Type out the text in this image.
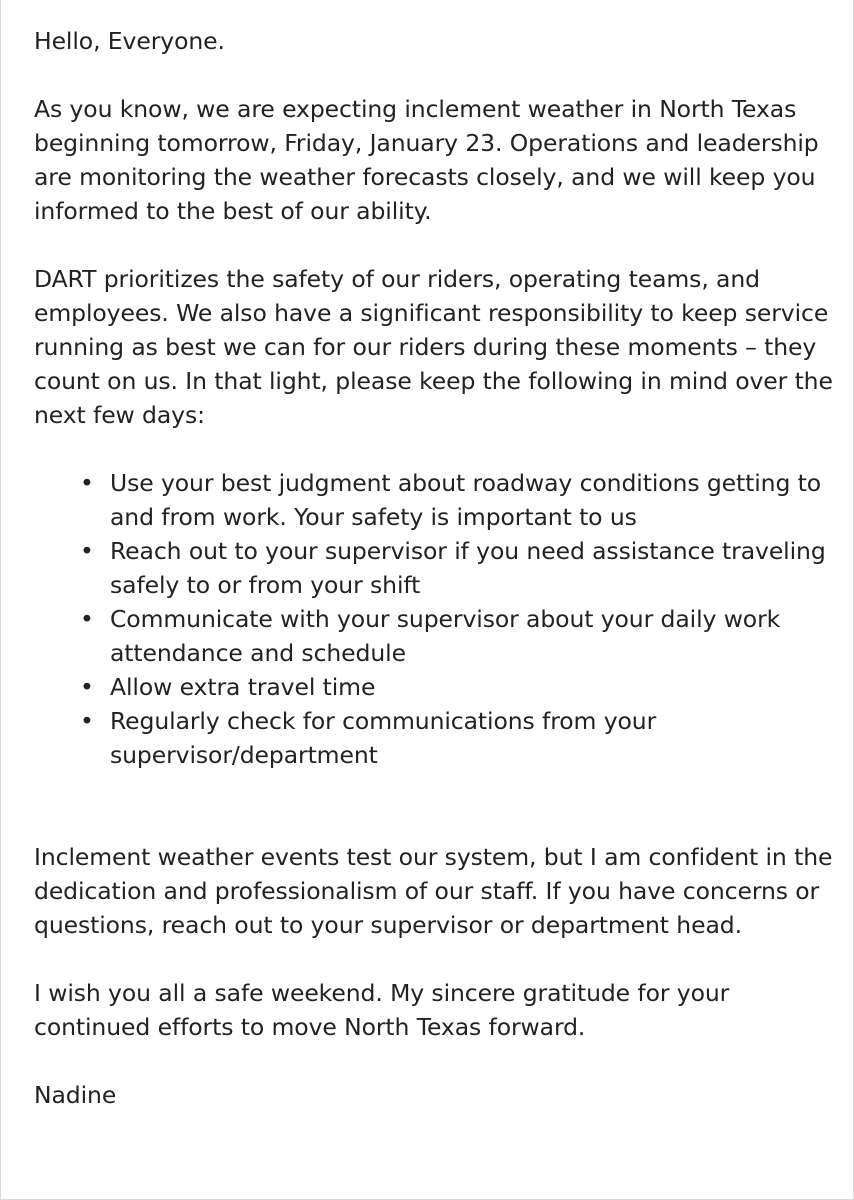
Hello, Everyone.

As you know, we are expecting inclement weather in North Texas beginning tomorrow, Friday, January 23. Operations and leadership are monitoring the weather forecasts closely, and we will keep you informed to the best of our ability.

DART prioritizes the safety of our riders, operating teams, and employees. We also have a significant responsibility to keep service running as best we can for our riders during these moments – they count on us. In that light, please keep the following in mind over the next few days:

• Use your best judgment about roadway conditions getting to and from work. Your safety is important to us
• Reach out to your supervisor if you need assistance traveling safely to or from your shift
• Communicate with your supervisor about your daily work attendance and schedule
• Allow extra travel time
• Regularly check for communications from your supervisor/department

Inclement weather events test our system, but I am confident in the dedication and professionalism of our staff. If you have concerns or questions, reach out to your supervisor or department head.

I wish you all a safe weekend. My sincere gratitude for your continued efforts to move North Texas forward.

Nadine
